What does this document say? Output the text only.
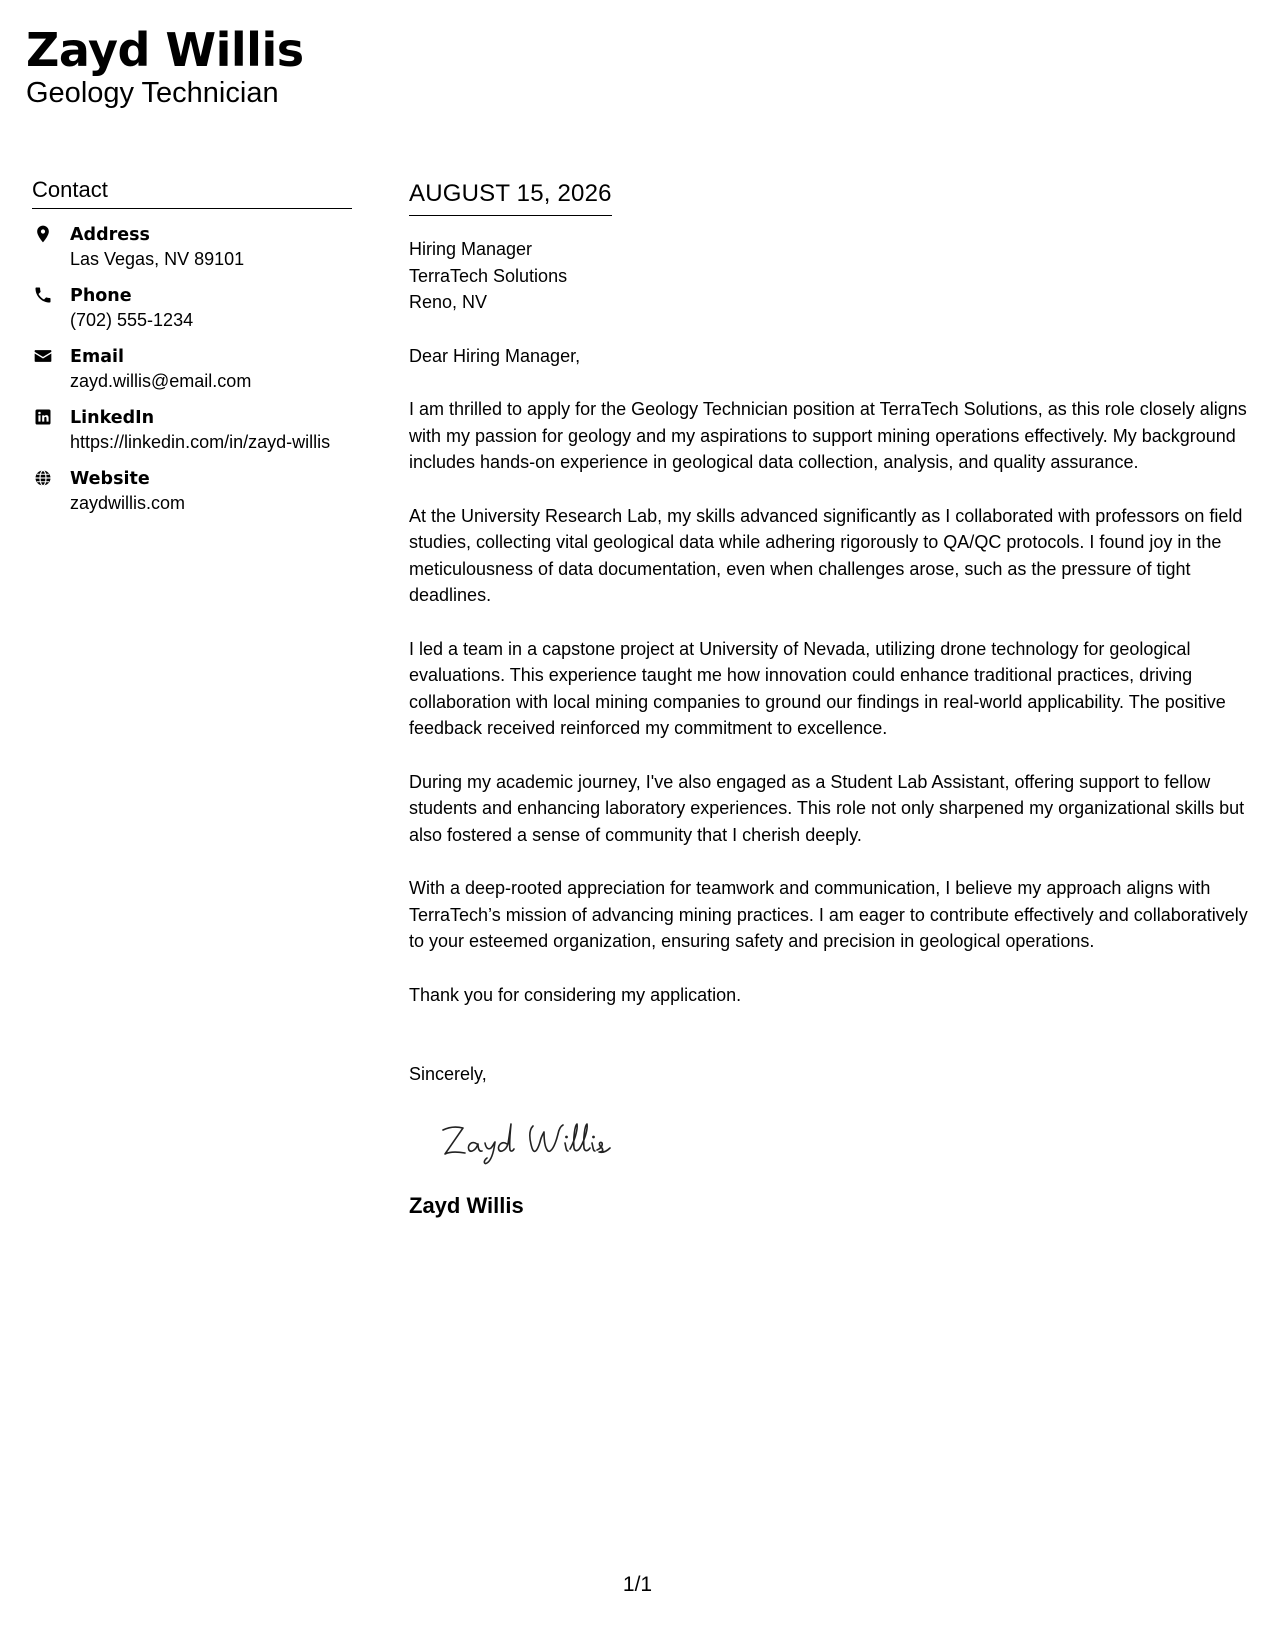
Zayd Willis
Geology Technician
Contact
Address
Las Vegas, NV 89101
Phone
(702) 555-1234
Email
zayd.willis@email.com
LinkedIn
https://linkedin.com/in/zayd-willis
Website
zaydwillis.com
AUGUST 15, 2026
Hiring Manager
TerraTech Solutions
Reno, NV

Dear Hiring Manager,

I am thrilled to apply for the Geology Technician position at TerraTech Solutions, as this role closely aligns with my passion for geology and my aspirations to support mining operations effectively. My background includes hands-on experience in geological data collection, analysis, and quality assurance.

At the University Research Lab, my skills advanced significantly as I collaborated with professors on field studies, collecting vital geological data while adhering rigorously to QA/QC protocols. I found joy in the meticulousness of data documentation, even when challenges arose, such as the pressure of tight deadlines.

I led a team in a capstone project at University of Nevada, utilizing drone technology for geological evaluations. This experience taught me how innovation could enhance traditional practices, driving collaboration with local mining companies to ground our findings in real-world applicability. The positive feedback received reinforced my commitment to excellence.

During my academic journey, I've also engaged as a Student Lab Assistant, offering support to fellow students and enhancing laboratory experiences. This role not only sharpened my organizational skills but also fostered a sense of community that I cherish deeply.

With a deep-rooted appreciation for teamwork and communication, I believe my approach aligns with TerraTech’s mission of advancing mining practices. I am eager to contribute effectively and collaboratively to your esteemed organization, ensuring safety and precision in geological operations.

Thank you for considering my application.

Sincerely,
Zayd Willis
1/1
